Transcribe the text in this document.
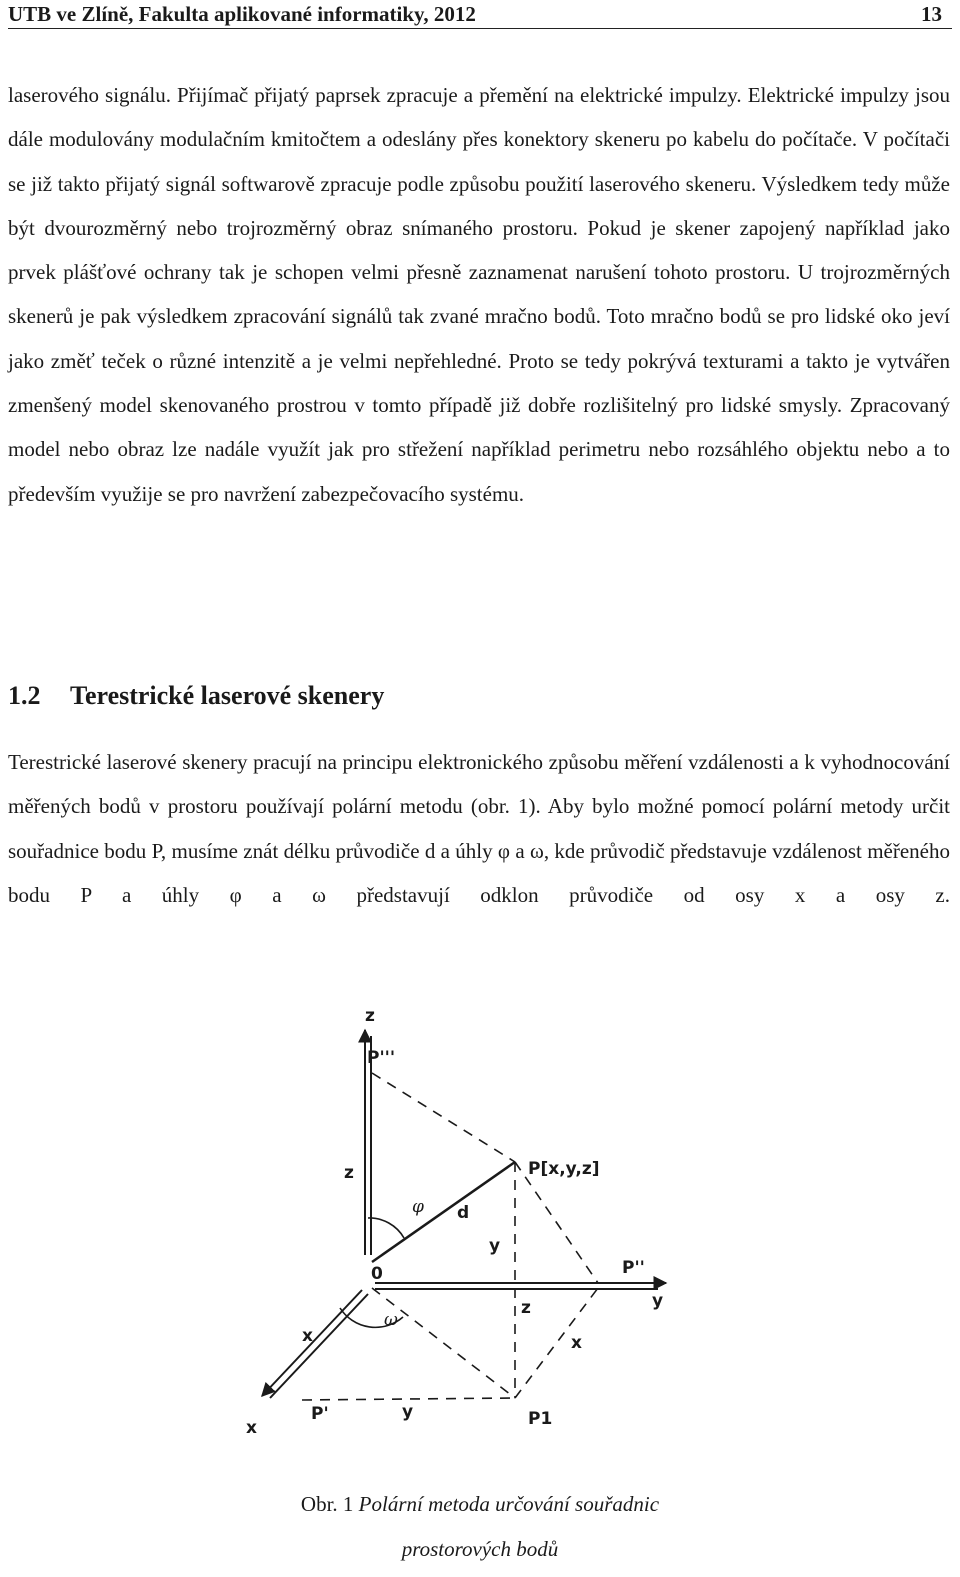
UTB ve Zlíně, Fakulta aplikované informatiky, 2012	13
laserového signálu. Přijímač přijatý paprsek zpracuje a přemění na elektrické impulzy. Elektrické impulzy jsou dále modulovány modulačním kmitočtem a odeslány přes konektory skeneru po kabelu do počítače. V počítači se již takto přijatý signál softwarově zpracuje podle způsobu použití laserového skeneru. Výsledkem tedy může být dvourozměrný nebo trojrozměrný obraz snímaného prostoru. Pokud je skener zapojený například jako prvek plášťové ochrany tak je schopen velmi přesně zaznamenat narušení tohoto prostoru. U trojrozměrných skenerů je pak výsledkem zpracování signálů tak zvané mračno bodů. Toto mračno bodů se pro lidské oko jeví jako změť teček o různé intenzitě a je velmi nepřehledné. Proto se tedy pokrývá texturami a takto je vytvářen zmenšený model skenovaného prostrou v tomto případě již dobře rozlišitelný pro lidské smysly. Zpracovaný model nebo obraz lze nadále využít jak pro střežení například perimetru nebo rozsáhlého objektu nebo a to především využije se pro navržení zabezpečovacího systému.
1.2 Terestrické laserové skenery
Terestrické laserové skenery pracují na principu elektronického způsobu měření vzdálenosti a k vyhodnocování měřených bodů v prostoru používají polární metodu (obr. 1). Aby bylo možné pomocí polární metody určit souřadnice bodu P, musíme znát délku průvodiče d a úhly φ a ω, kde průvodič představuje vzdálenost měřeného bodu P a úhly φ a ω představují odklon průvodiče od osy x a osy z.
z
P'''
z	P[x,y,z]
φ d
y
0	P''
y
ω
z
x	x
x
P'	y	P1
Obr. 1 Polární metoda určování souřadnic
prostorových bodů
